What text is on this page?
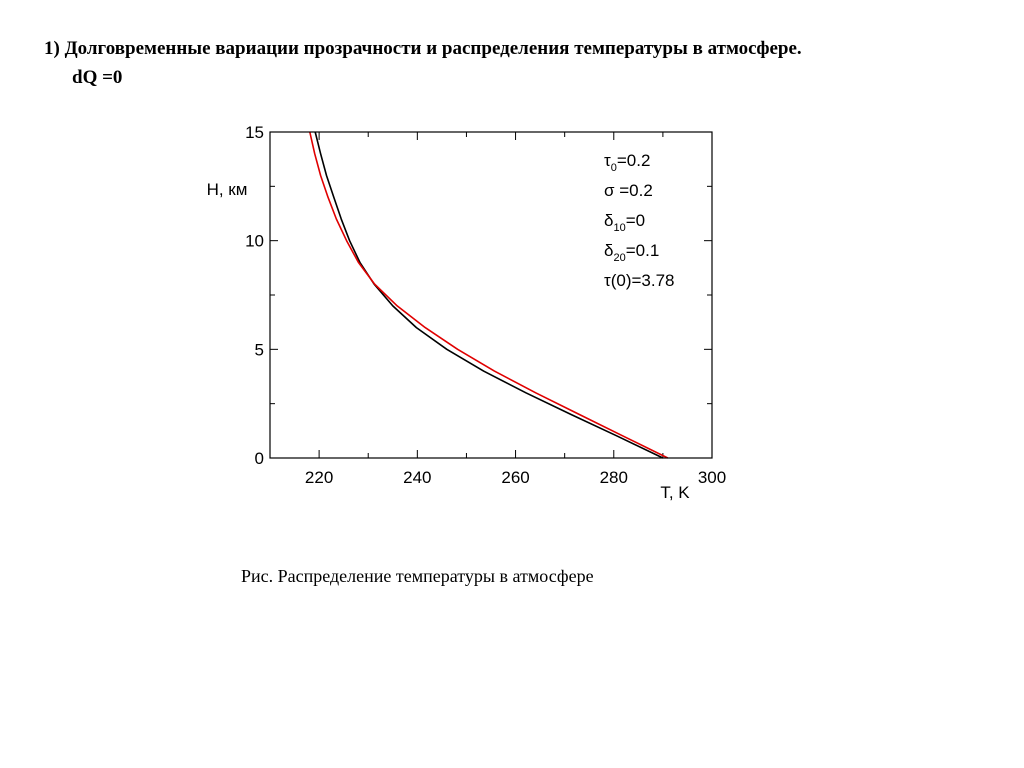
1) Долговременные вариации прозрачности и распределения температуры в атмосфере.
dQ =0
220	240	260	280	300
0
5
10
15
T, K
H, км
$\tau_0=0.2$
σ =0.2
$\delta_{10}=0$
$\delta_{20}=0.1$
τ(0)=3.78
Рис. Распределение температуры в атмосфере
